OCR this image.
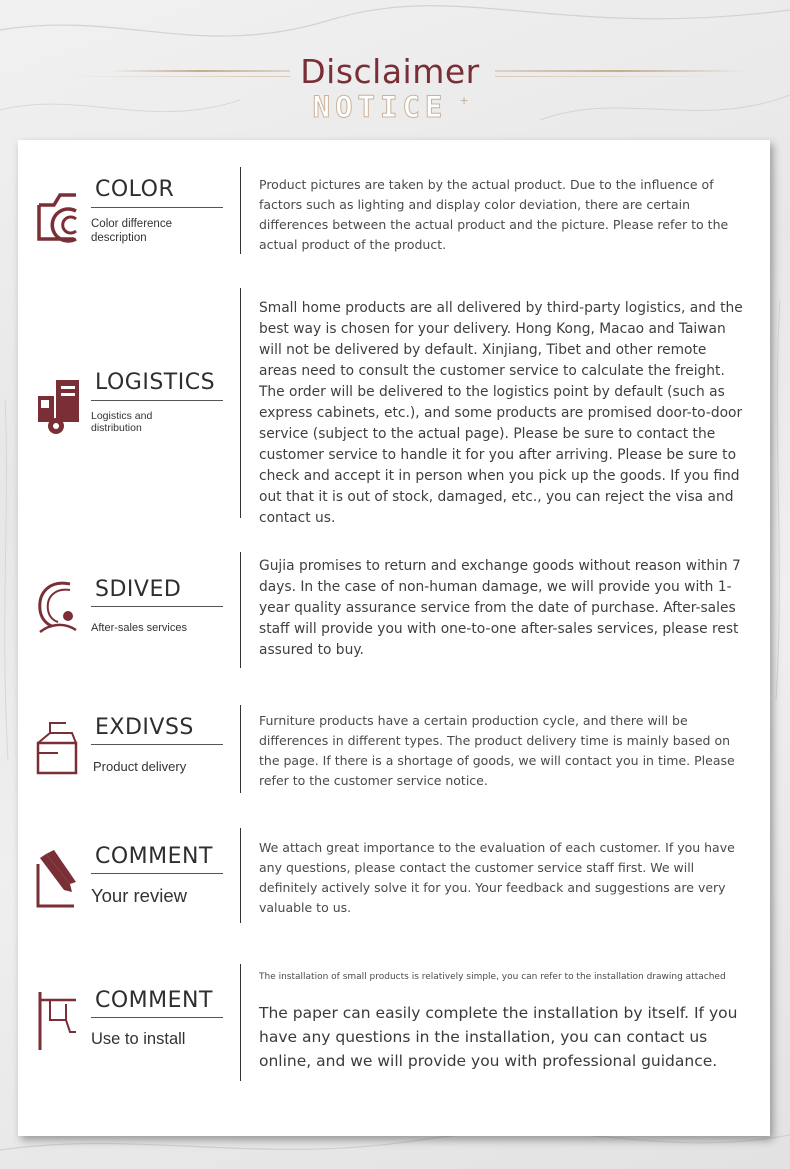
Disclaimer
NOTICE +
COLOR
Color difference description
Product pictures are taken by the actual product. Due to the influence of factors such as lighting and display color deviation, there are certain differences between the actual product and the picture. Please refer to the actual product of the product.
LOGISTICS
Logistics and distribution
Small home products are all delivered by third-party logistics, and the best way is chosen for your delivery. Hong Kong, Macao and Taiwan will not be delivered by default. Xinjiang, Tibet and other remote areas need to consult the customer service to calculate the freight. The order will be delivered to the logistics point by default (such as express cabinets, etc.), and some products are promised door-to-door service (subject to the actual page). Please be sure to contact the customer service to handle it for you after arriving. Please be sure to check and accept it in person when you pick up the goods. If you find out that it is out of stock, damaged, etc., you can reject the visa and contact us.
SDIVED
After-sales services
Gujia promises to return and exchange goods without reason within 7 days. In the case of non-human damage, we will provide you with 1-year quality assurance service from the date of purchase. After-sales staff will provide you with one-to-one after-sales services, please rest assured to buy.
EXDIVSS
Product delivery
Furniture products have a certain production cycle, and there will be differences in different types. The product delivery time is mainly based on the page. If there is a shortage of goods, we will contact you in time. Please refer to the customer service notice.
COMMENT
Your review
We attach great importance to the evaluation of each customer. If you have any questions, please contact the customer service staff first. We will definitely actively solve it for you. Your feedback and suggestions are very valuable to us.
COMMENT
Use to install
The installation of small products is relatively simple, you can refer to the installation drawing attached
The paper can easily complete the installation by itself. If you have any questions in the installation, you can contact us online, and we will provide you with professional guidance.
